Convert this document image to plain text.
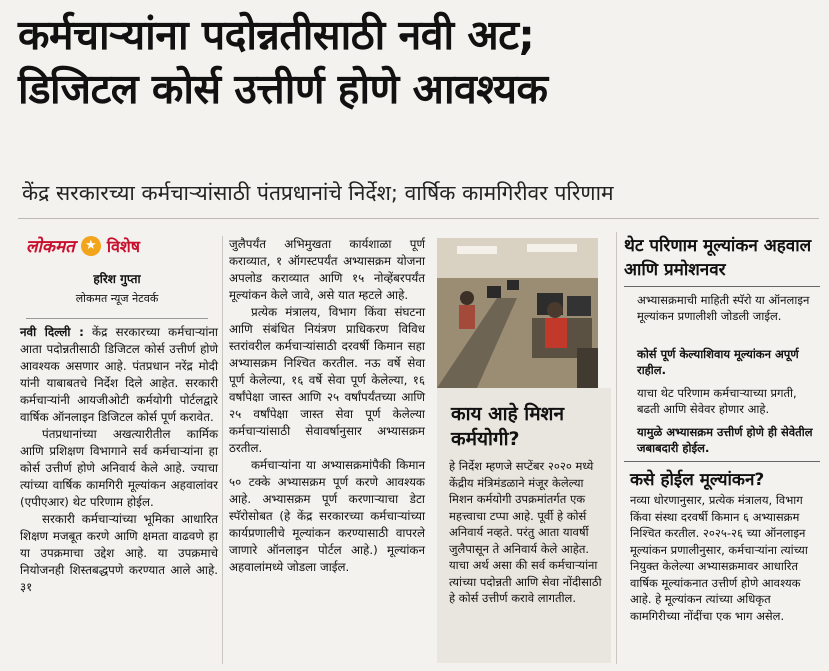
कर्मचाऱ्यांना पदोन्नतीसाठी नवी अट;
डिजिटल कोर्स उत्तीर्ण होणे आवश्यक
केंद्र सरकारच्या कर्मचाऱ्यांसाठी पंतप्रधानांचे निर्देश; वार्षिक कामगिरीवर परिणाम
लोकमत ★ विशेष
हरिश गुप्ता
लोकमत न्यूज नेटवर्क

नवी दिल्ली : केंद्र सरकारच्या कर्मचाऱ्यांना आता पदोन्नतीसाठी डिजिटल कोर्स उत्तीर्ण होणे आवश्यक असणार आहे. पंतप्रधान नरेंद्र मोदी यांनी याबाबतचे निर्देश दिले आहेत. सरकारी कर्मचाऱ्यांनी आयजीओटी कर्मयोगी पोर्टलद्वारे वार्षिक ऑनलाइन डिजिटल कोर्स पूर्ण करावेत.

पंतप्रधानांच्या अखत्यारीतील कार्मिक आणि प्रशिक्षण विभागाने सर्व कर्मचाऱ्यांना हा कोर्स उत्तीर्ण होणे अनिवार्य केले आहे. ज्याचा त्यांच्या वार्षिक कामगिरी मूल्यांकन अहवालांवर (एपीएआर) थेट परिणाम होईल.

सरकारी कर्मचाऱ्यांच्या भूमिका आधारित शिक्षण मजबूत करणे आणि क्षमता वाढवणे हा या उपक्रमाचा उद्देश आहे. या उपक्रमाचे नियोजनही शिस्तबद्धपणे करण्यात आले आहे. ३१

जुलैपर्यंत अभिमुखता कार्यशाळा पूर्ण कराव्यात, १ ऑगस्टपर्यंत अभ्यासक्रम योजना अपलोड कराव्यात आणि १५ नोव्हेंबरपर्यंत मूल्यांकन केले जावे, असे यात म्हटले आहे.

प्रत्येक मंत्रालय, विभाग किंवा संघटना आणि संबंधित नियंत्रण प्राधिकरण विविध स्तरांवरील कर्मचाऱ्यांसाठी दरवर्षी किमान सहा अभ्यासक्रम निश्चित करतील. नऊ वर्षे सेवा पूर्ण केलेल्या, १६ वर्षे सेवा पूर्ण केलेल्या, १६ वर्षांपेक्षा जास्त आणि २५ वर्षांपर्यंतच्या आणि २५ वर्षांपेक्षा जास्त सेवा पूर्ण केलेल्या कर्मचाऱ्यांसाठी सेवावर्षानुसार अभ्यासक्रम ठरतील.

कर्मचाऱ्यांना या अभ्यासक्रमांपैकी किमान ५० टक्के अभ्यासक्रम पूर्ण करणे आवश्यक आहे. अभ्यासक्रम पूर्ण करणाऱ्याचा डेटा स्पॅरोसोबत (हे केंद्र सरकारच्या कर्मचाऱ्यांच्या कार्यप्रणालीचे मूल्यांकन करण्यासाठी वापरले जाणारे ऑनलाइन पोर्टल आहे.) मूल्यांकन अहवालांमध्ये जोडला जाईल.

काय आहे मिशन कर्मयोगी?
हे निर्देश म्हणजे सप्टेंबर २०२० मध्ये केंद्रीय मंत्रिमंडळाने मंजूर केलेल्या मिशन कर्मयोगी उपक्रमांतर्गत एक महत्त्वाचा टप्पा आहे. पूर्वी हे कोर्स अनिवार्य नव्हते. परंतु आता यावर्षी जुलैपासून ते अनिवार्य केले आहेत. याचा अर्थ असा की सर्व कर्मचाऱ्यांना त्यांच्या पदोन्नती आणि सेवा नोंदीसाठी हे कोर्स उत्तीर्ण करावे लागतील.
थेट परिणाम मूल्यांकन अहवाल आणि प्रमोशनवर
अभ्यासक्रमाची माहिती स्पॅरो या ऑनलाइन मूल्यांकन प्रणालीशी जोडली जाईल.
कोर्स पूर्ण केल्याशिवाय मूल्यांकन अपूर्ण राहील.
याचा थेट परिणाम कर्मचाऱ्याच्या प्रगती, बढती आणि सेवेवर होणार आहे.
यामुळे अभ्यासक्रम उत्तीर्ण होणे ही सेवेतील जबाबदारी होईल.
कसे होईल मूल्यांकन?
नव्या धोरणानुसार, प्रत्येक मंत्रालय, विभाग किंवा संस्था दरवर्षी किमान ६ अभ्यासक्रम निश्चित करतील. २०२५-२६ च्या ऑनलाइन मूल्यांकन प्रणालीनुसार, कर्मचाऱ्यांना त्यांच्या नियुक्त केलेल्या अभ्यासक्रमावर आधारित वार्षिक मूल्यांकनात उत्तीर्ण होणे आवश्यक आहे. हे मूल्यांकन त्यांच्या अधिकृत कामगिरीच्या नोंदींचा एक भाग असेल.
